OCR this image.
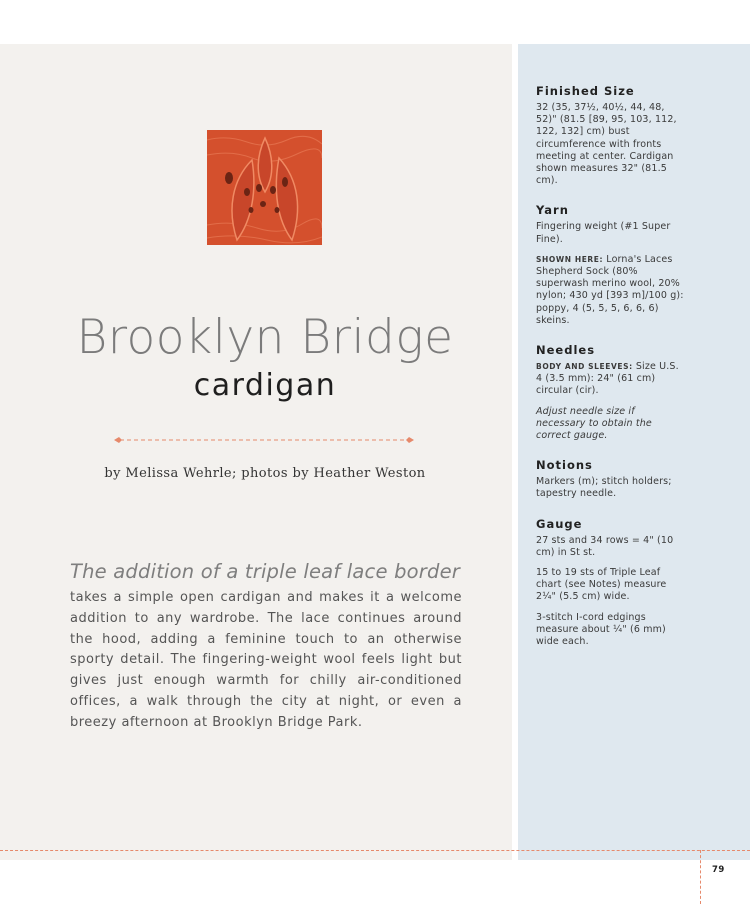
Brooklyn Bridge
cardigan
by Melissa Wehrle; photos by Heather Weston
The addition of a triple leaf lace border
takes a simple open cardigan and makes it a welcome addition to any wardrobe. The lace continues around the hood, adding a feminine touch to an otherwise sporty detail. The fingering-weight wool feels light but gives just enough warmth for chilly air-conditioned offices, a walk through the city at night, or even a breezy afternoon at Brooklyn Bridge Park.
Finished Size

32 (35, 37½, 40½, 44, 48, 52)" (81.5 [89, 95, 103, 112, 122, 132] cm) bust circumference with fronts meeting at center. Cardigan shown measures 32" (81.5 cm).

Yarn

Fingering weight (#1 Super Fine).

SHOWN HERE: Lorna's Laces Shepherd Sock (80% superwash merino wool, 20% nylon; 430 yd [393 m]/100 g): poppy, 4 (5, 5, 5, 6, 6, 6) skeins.

Needles

BODY AND SLEEVES: Size U.S. 4 (3.5 mm): 24" (61 cm) circular (cir).

Adjust needle size if necessary to obtain the correct gauge.

Notions

Markers (m); stitch holders; tapestry needle.

Gauge

27 sts and 34 rows = 4" (10 cm) in St st.

15 to 19 sts of Triple Leaf chart (see Notes) measure 2¼" (5.5 cm) wide.

3-stitch I-cord edgings measure about ¼" (6 mm) wide each.

79
